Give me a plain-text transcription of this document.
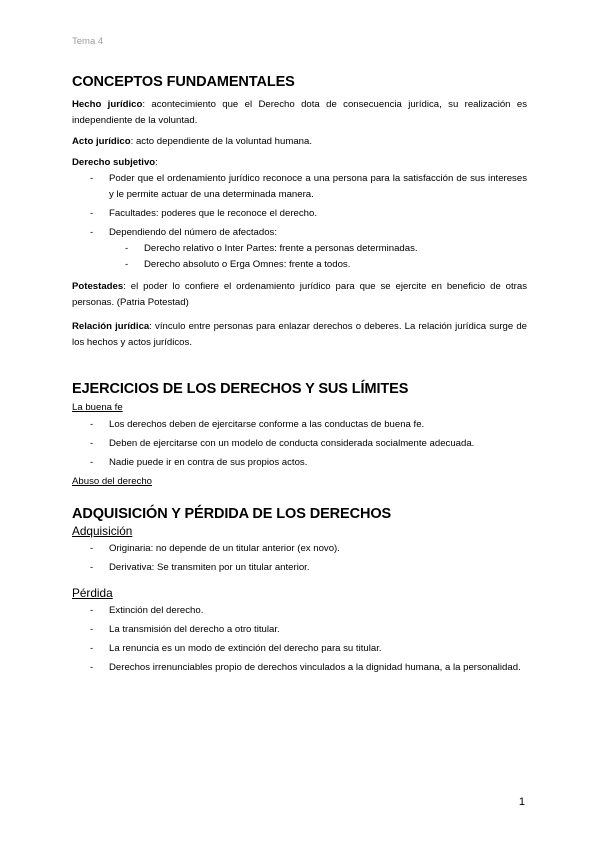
Tema 4
CONCEPTOS FUNDAMENTALES

Hecho jurídico: acontecimiento que el Derecho dota de consecuencia jurídica, su realización es independiente de la voluntad.

Acto jurídico: acto dependiente de la voluntad humana.

Derecho subjetivo:

- Poder que el ordenamiento jurídico reconoce a una persona para la satisfacción de sus intereses y le permite actuar de una determinada manera.
- Facultades: poderes que le reconoce el derecho.
- Dependiendo del número de afectados:
- Derecho relativo o Inter Partes: frente a personas determinadas.
- Derecho absoluto o Erga Omnes: frente a todos.

Potestades: el poder lo confiere el ordenamiento jurídico para que se ejercite en beneficio de otras personas. (Patria Potestad)

Relación jurídica: vínculo entre personas para enlazar derechos o deberes. La relación jurídica surge de los hechos y actos jurídicos.

EJERCICIOS DE LOS DERECHOS Y SUS LÍMITES
La buena fe
- Los derechos deben de ejercitarse conforme a las conductas de buena fe.
- Deben de ejercitarse con un modelo de conducta considerada socialmente adecuada.
- Nadie puede ir en contra de sus propios actos.
Abuso del derecho
ADQUISICIÓN Y PÉRDIDA DE LOS DERECHOS
Adquisición
- Originaria: no depende de un titular anterior (ex novo).
- Derivativa: Se transmiten por un titular anterior.
Pérdida
- Extinción del derecho.
- La transmisión del derecho a otro titular.
- La renuncia es un modo de extinción del derecho para su titular.
- Derechos irrenunciables propio de derechos vinculados a la dignidad humana, a la personalidad.
1
